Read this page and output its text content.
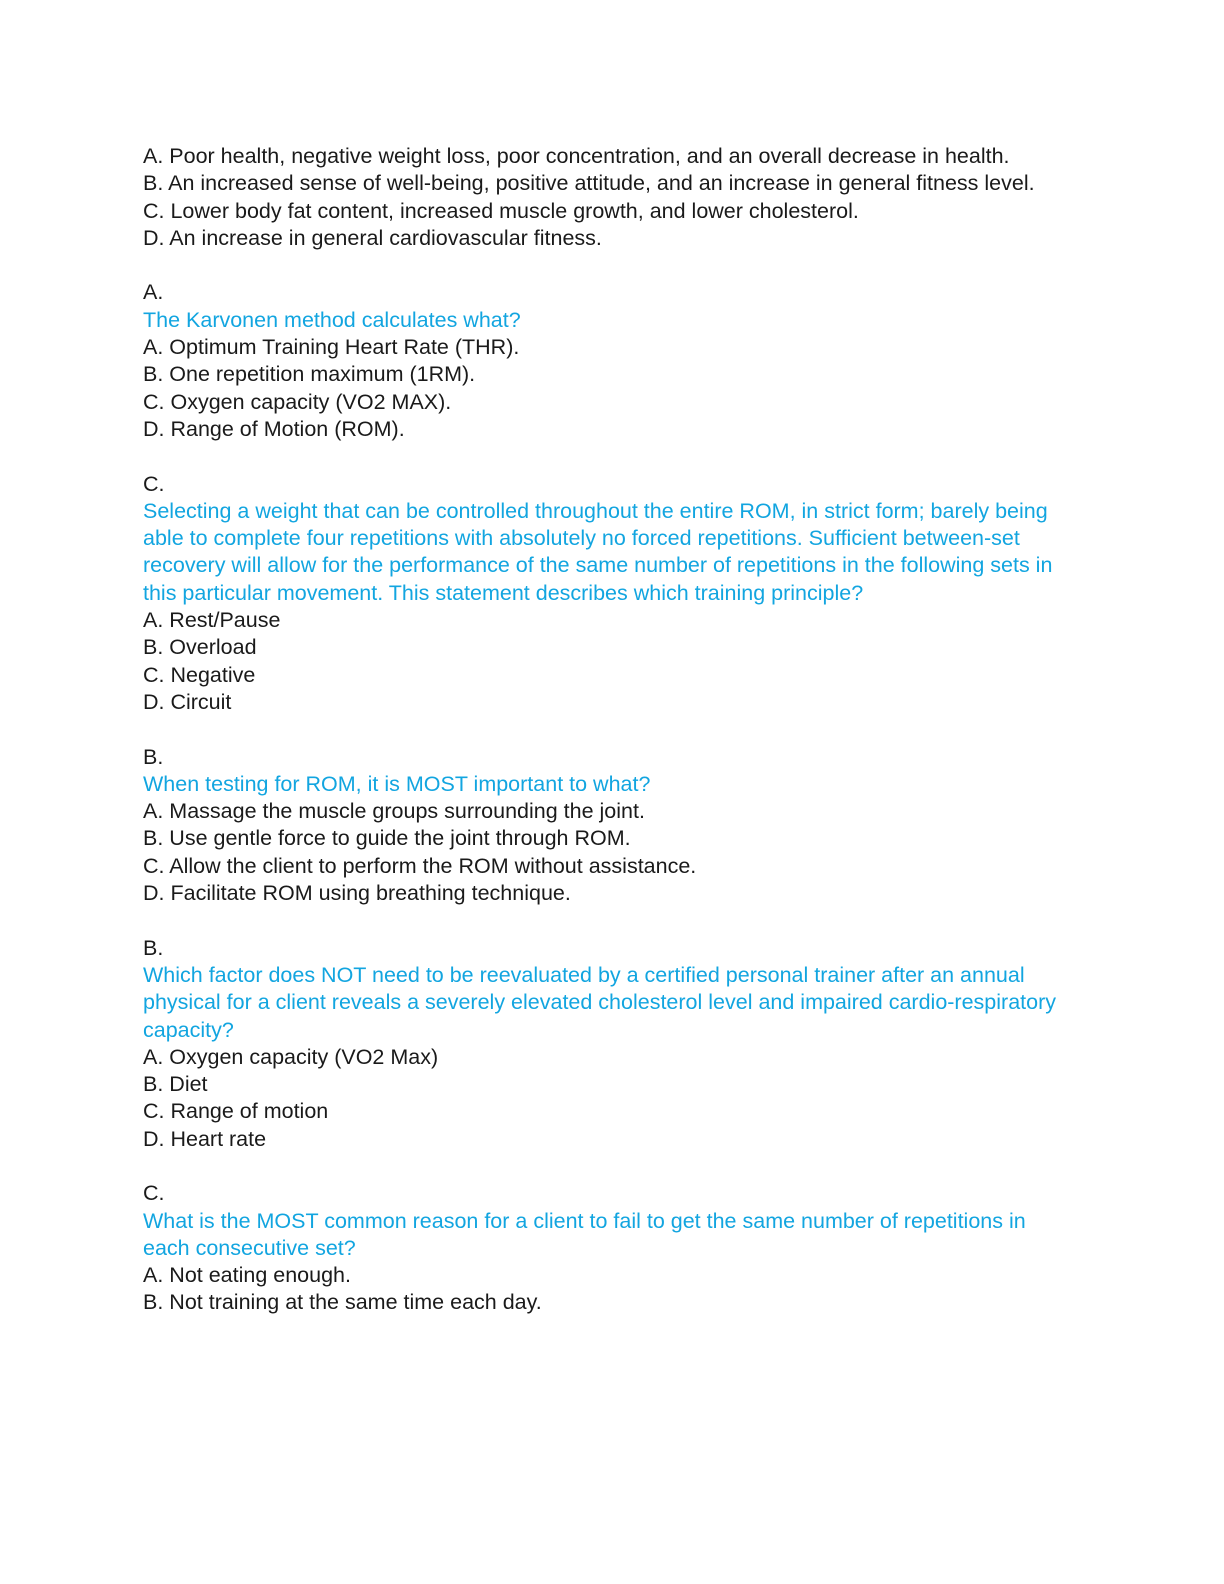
A. Poor health, negative weight loss, poor concentration, and an overall decrease in health.
B. An increased sense of well-being, positive attitude, and an increase in general fitness level.
C. Lower body fat content, increased muscle growth, and lower cholesterol.
D. An increase in general cardiovascular fitness.
A.
The Karvonen method calculates what?
A. Optimum Training Heart Rate (THR).
B. One repetition maximum (1RM).
C. Oxygen capacity (VO2 MAX).
D. Range of Motion (ROM).
C.
Selecting a weight that can be controlled throughout the entire ROM, in strict form; barely being able to complete four repetitions with absolutely no forced repetitions. Sufficient between-set recovery will allow for the performance of the same number of repetitions in the following sets in this particular movement. This statement describes which training principle?
A. Rest/Pause
B. Overload
C. Negative
D. Circuit
B.
When testing for ROM, it is MOST important to what?
A. Massage the muscle groups surrounding the joint.
B. Use gentle force to guide the joint through ROM.
C. Allow the client to perform the ROM without assistance.
D. Facilitate ROM using breathing technique.
B.
Which factor does NOT need to be reevaluated by a certified personal trainer after an annual physical for a client reveals a severely elevated cholesterol level and impaired cardio-respiratory capacity?
A. Oxygen capacity (VO2 Max)
B. Diet
C. Range of motion
D. Heart rate
C.
What is the MOST common reason for a client to fail to get the same number of repetitions in each consecutive set?
A. Not eating enough.
B. Not training at the same time each day.
